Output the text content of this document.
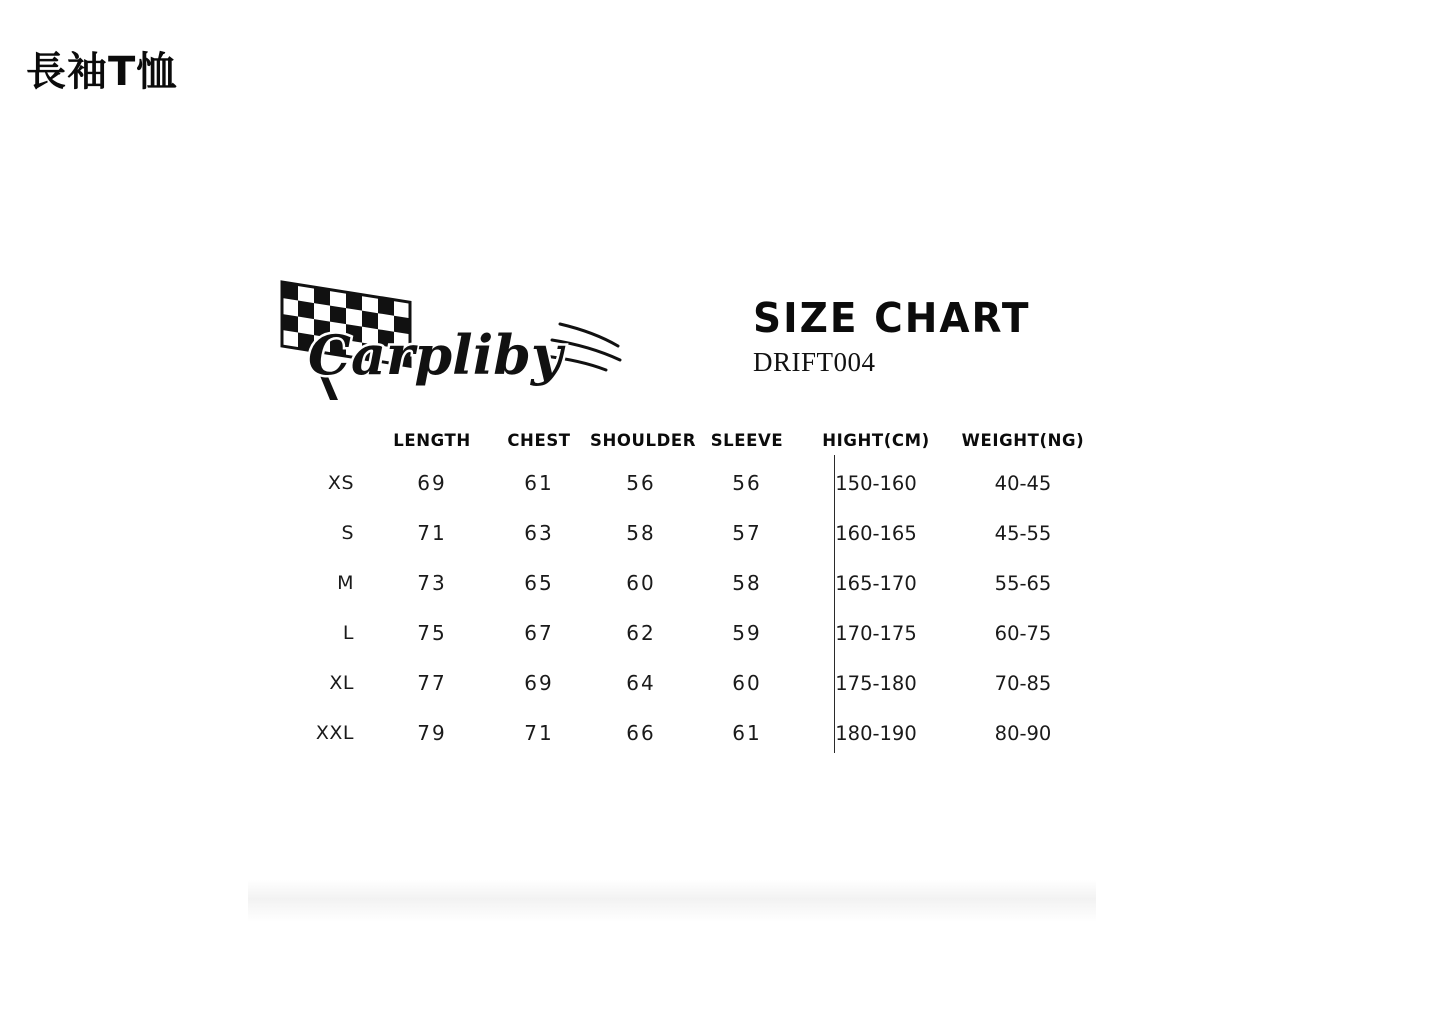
長袖T恤
Carpliby
SIZE CHART
DRIFT004
	LENGTH	CHEST	SHOULDER	SLEEVE	HIGHT(CM)	WEIGHT(NG)
XS	69	61	56	56	150-160	40-45
S	71	63	58	57	160-165	45-55
M	73	65	60	58	165-170	55-65
L	75	67	62	59	170-175	60-75
XL	77	69	64	60	175-180	70-85
XXL	79	71	66	61	180-190	80-90
